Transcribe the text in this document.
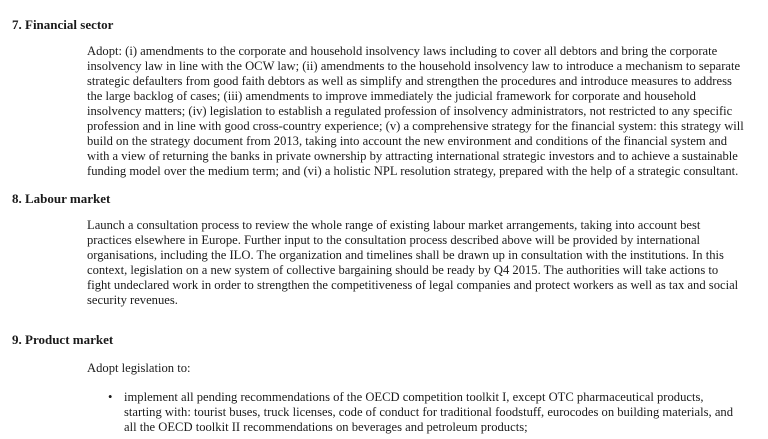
7. Financial sector
Adopt: (i) amendments to the corporate and household insolvency laws including to cover all debtors and bring the corporate
insolvency law in line with the OCW law; (ii) amendments to the household insolvency law to introduce a mechanism to separate
strategic defaulters from good faith debtors as well as simplify and strengthen the procedures and introduce measures to address
the large backlog of cases; (iii) amendments to improve immediately the judicial framework for corporate and household
insolvency matters; (iv) legislation to establish a regulated profession of insolvency administrators, not restricted to any specific
profession and in line with good cross-country experience; (v) a comprehensive strategy for the financial system: this strategy will
build on the strategy document from 2013, taking into account the new environment and conditions of the financial system and
with a view of returning the banks in private ownership by attracting international strategic investors and to achieve a sustainable
funding model over the medium term; and (vi) a holistic NPL resolution strategy, prepared with the help of a strategic consultant.
8. Labour market
Launch a consultation process to review the whole range of existing labour market arrangements, taking into account best
practices elsewhere in Europe. Further input to the consultation process described above will be provided by international
organisations, including the ILO. The organization and timelines shall be drawn up in consultation with the institutions. In this
context, legislation on a new system of collective bargaining should be ready by Q4 2015. The authorities will take actions to
fight undeclared work in order to strengthen the competitiveness of legal companies and protect workers as well as tax and social
security revenues.
9. Product market
Adopt legislation to:
• implement all pending recommendations of the OECD competition toolkit I, except OTC pharmaceutical products,
starting with: tourist buses, truck licenses, code of conduct for traditional foodstuff, eurocodes on building materials, and
all the OECD toolkit II recommendations on beverages and petroleum products;
